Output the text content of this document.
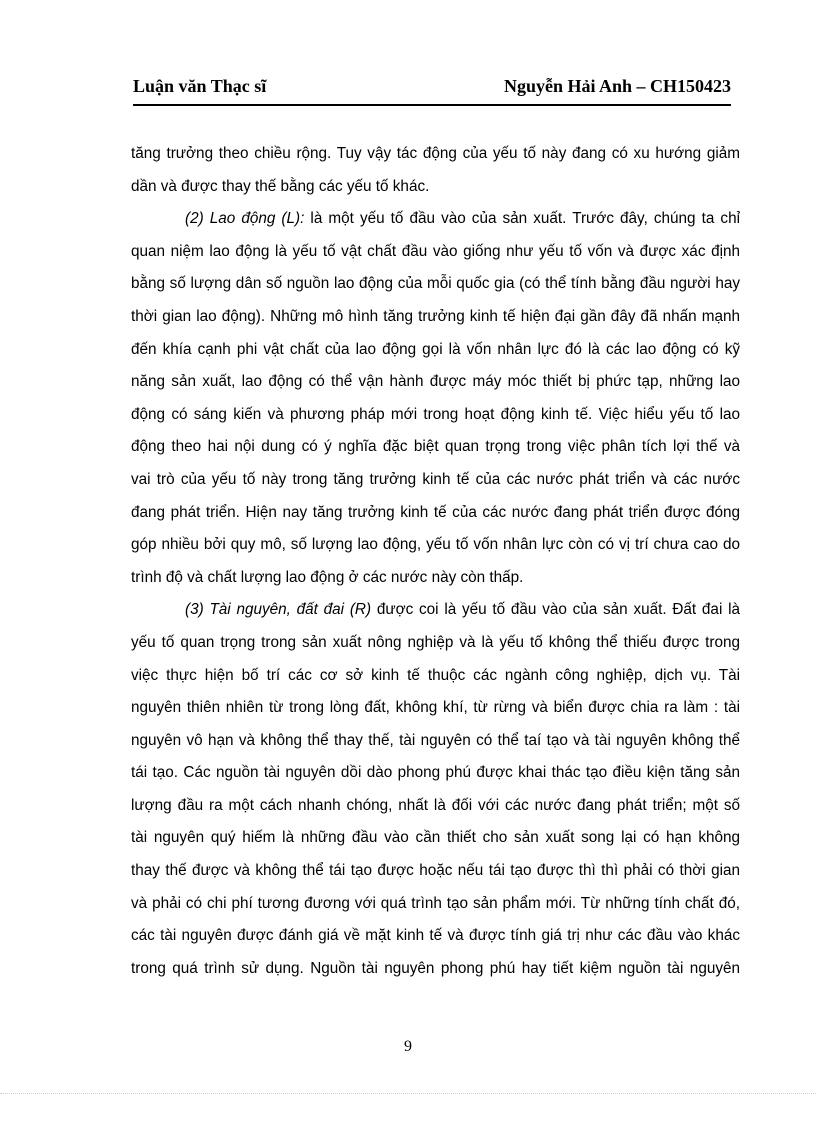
Luận văn Thạc sĩ	Nguyễn Hải Anh – CH150423
tăng trưởng theo chiều rộng. Tuy vậy tác động của yếu tố này đang có xu hướng giảm
dần và được thay thế bằng các yếu tố khác.
(2) Lao động (L): là một yếu tố đầu vào của sản xuất. Trước đây, chúng ta chỉ
quan niệm lao động là yếu tố vật chất đầu vào giống như yếu tố vốn và được xác định
bằng số lượng dân số nguồn lao động của mỗi quốc gia (có thể tính bằng đầu người hay
thời gian lao động). Những mô hình tăng trưởng kinh tế hiện đại gần đây đã nhấn mạnh
đến khía cạnh phi vật chất của lao động gọi là vốn nhân lực đó là các lao động có kỹ
năng sản xuất, lao động có thể vận hành được máy móc thiết bị phức tạp, những lao
động có sáng kiến và phương pháp mới trong hoạt động kinh tế. Việc hiểu yếu tố lao
động theo hai nội dung có ý nghĩa đặc biệt quan trọng trong việc phân tích lợi thế và
vai trò của yếu tố này trong tăng trưởng kinh tế của các nước phát triển và các nước
đang phát triển. Hiện nay tăng trưởng kinh tế của các nước đang phát triển được đóng
góp nhiều bởi quy mô, số lượng lao động, yếu tố vốn nhân lực còn có vị trí chưa cao do
trình độ và chất lượng lao động ở các nước này còn thấp.
(3) Tài nguyên, đất đai (R) được coi là yếu tố đầu vào của sản xuất. Đất đai là
yếu tố quan trọng trong sản xuất nông nghiệp và là yếu tố không thể thiếu được trong
việc thực hiện bố trí các cơ sở kinh tế thuộc các ngành công nghiệp, dịch vụ. Tài
nguyên thiên nhiên từ trong lòng đất, không khí, từ rừng và biển được chia ra làm : tài
nguyên vô hạn và không thể thay thế, tài nguyên có thể taí tạo và tài nguyên không thể
tái tạo. Các nguồn tài nguyên dồi dào phong phú được khai thác tạo điều kiện tăng sản
lượng đầu ra một cách nhanh chóng, nhất là đối với các nước đang phát triển; một số
tài nguyên quý hiếm là những đầu vào cần thiết cho sản xuất song lại có hạn không
thay thế được và không thể tái tạo được hoặc nếu tái tạo được thì thì phải có thời gian
và phải có chi phí tương đương với quá trình tạo sản phẩm mới. Từ những tính chất đó,
các tài nguyên được đánh giá về mặt kinh tế và được tính giá trị như các đầu vào khác
trong quá trình sử dụng. Nguồn tài nguyên phong phú hay tiết kiệm nguồn tài nguyên
9
